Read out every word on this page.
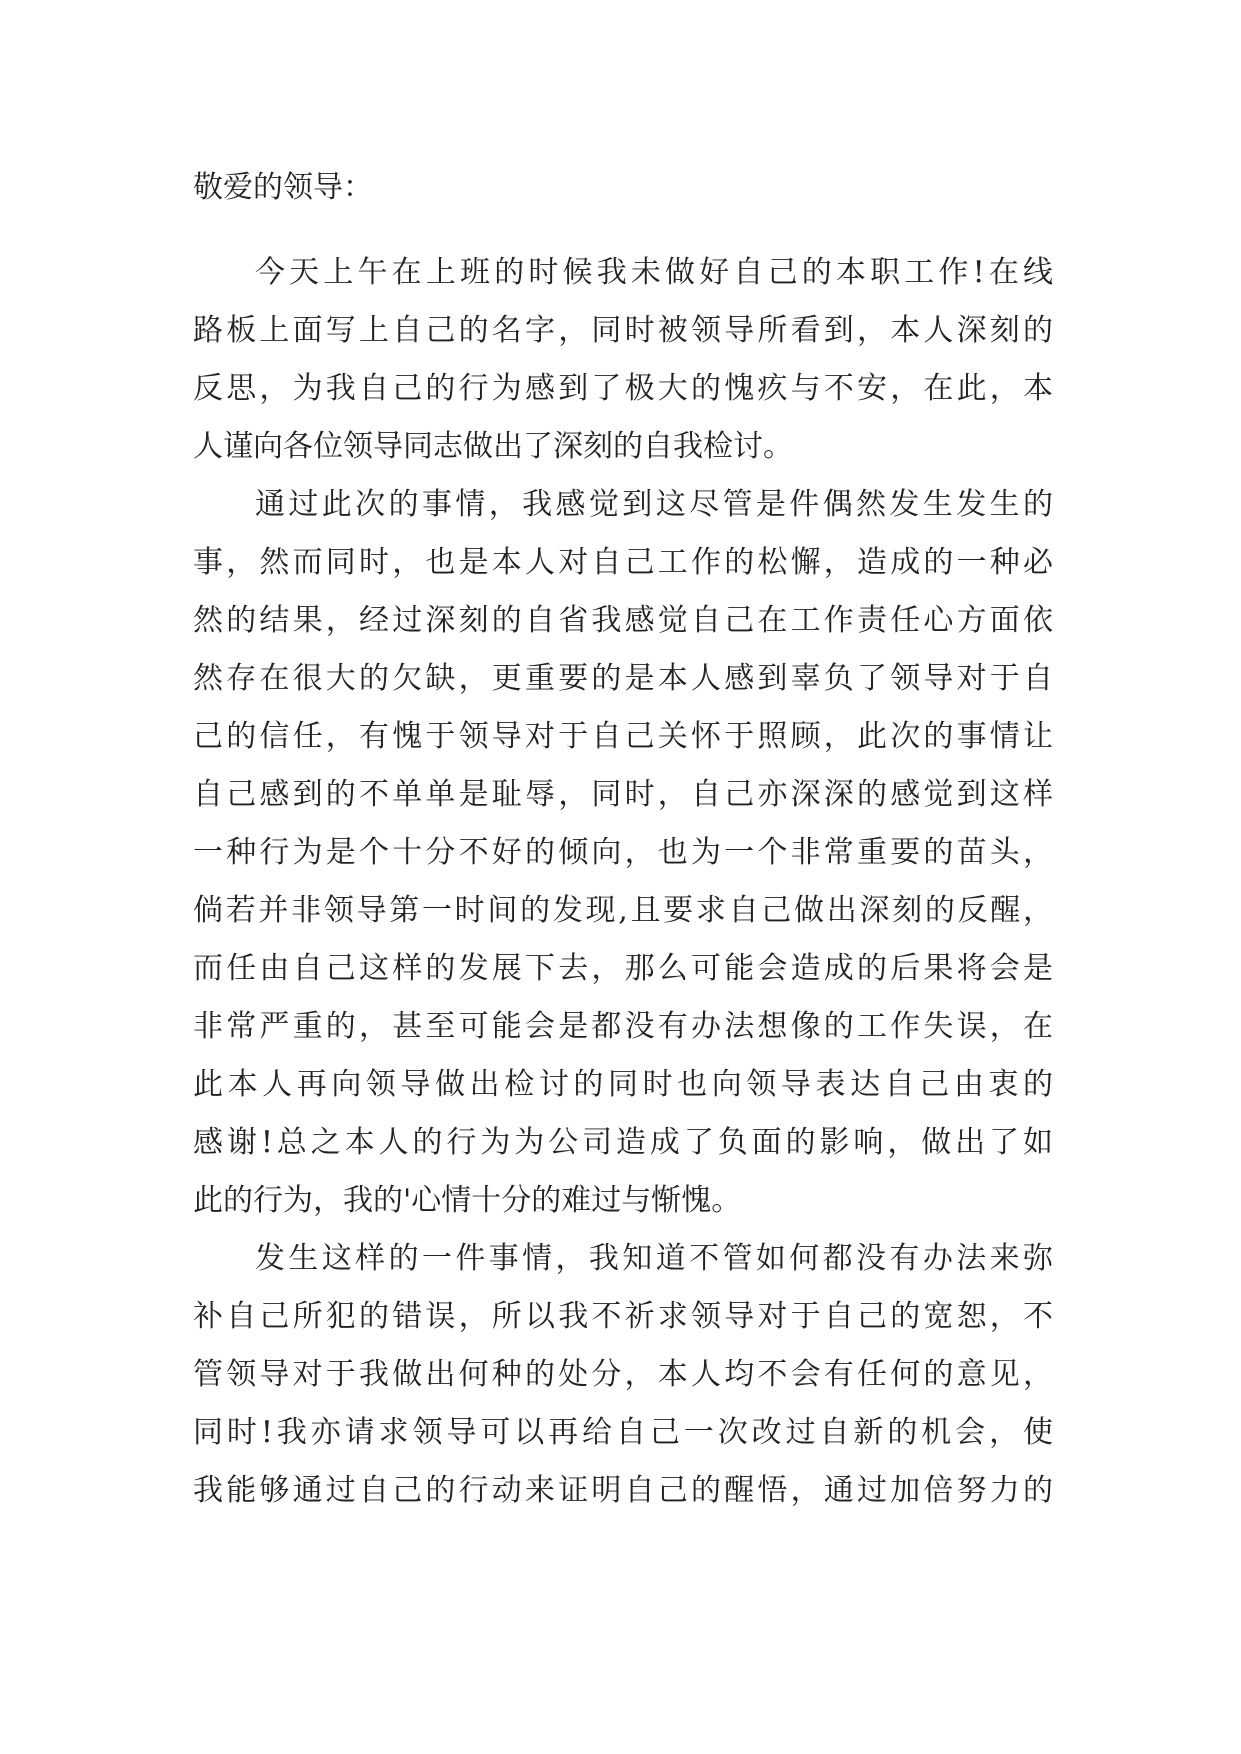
敬爱的领导：
今天上午在上班的时候我未做好自己的本职工作!在线
路板上面写上自己的名字，同时被领导所看到，本人深刻的
反思，为我自己的行为感到了极大的愧疚与不安，在此，本
人谨向各位领导同志做出了深刻的自我检讨。
通过此次的事情，我感觉到这尽管是件偶然发生发生的
事，然而同时，也是本人对自己工作的松懈，造成的一种必
然的结果，经过深刻的自省我感觉自己在工作责任心方面依
然存在很大的欠缺，更重要的是本人感到辜负了领导对于自
己的信任，有愧于领导对于自己关怀于照顾，此次的事情让
自己感到的不单单是耻辱，同时，自己亦深深的感觉到这样
一种行为是个十分不好的倾向，也为一个非常重要的苗头，
倘若并非领导第一时间的发现,且要求自己做出深刻的反醒，
而任由自己这样的发展下去，那么可能会造成的后果将会是
非常严重的，甚至可能会是都没有办法想像的工作失误，在
此本人再向领导做出检讨的同时也向领导表达自己由衷的
感谢!总之本人的行为为公司造成了负面的影响，做出了如
此的行为，我的'心情十分的难过与惭愧。
发生这样的一件事情，我知道不管如何都没有办法来弥
补自己所犯的错误，所以我不祈求领导对于自己的宽恕，不
管领导对于我做出何种的处分，本人均不会有任何的意见，
同时!我亦请求领导可以再给自己一次改过自新的机会，使
我能够通过自己的行动来证明自己的醒悟，通过加倍努力的
